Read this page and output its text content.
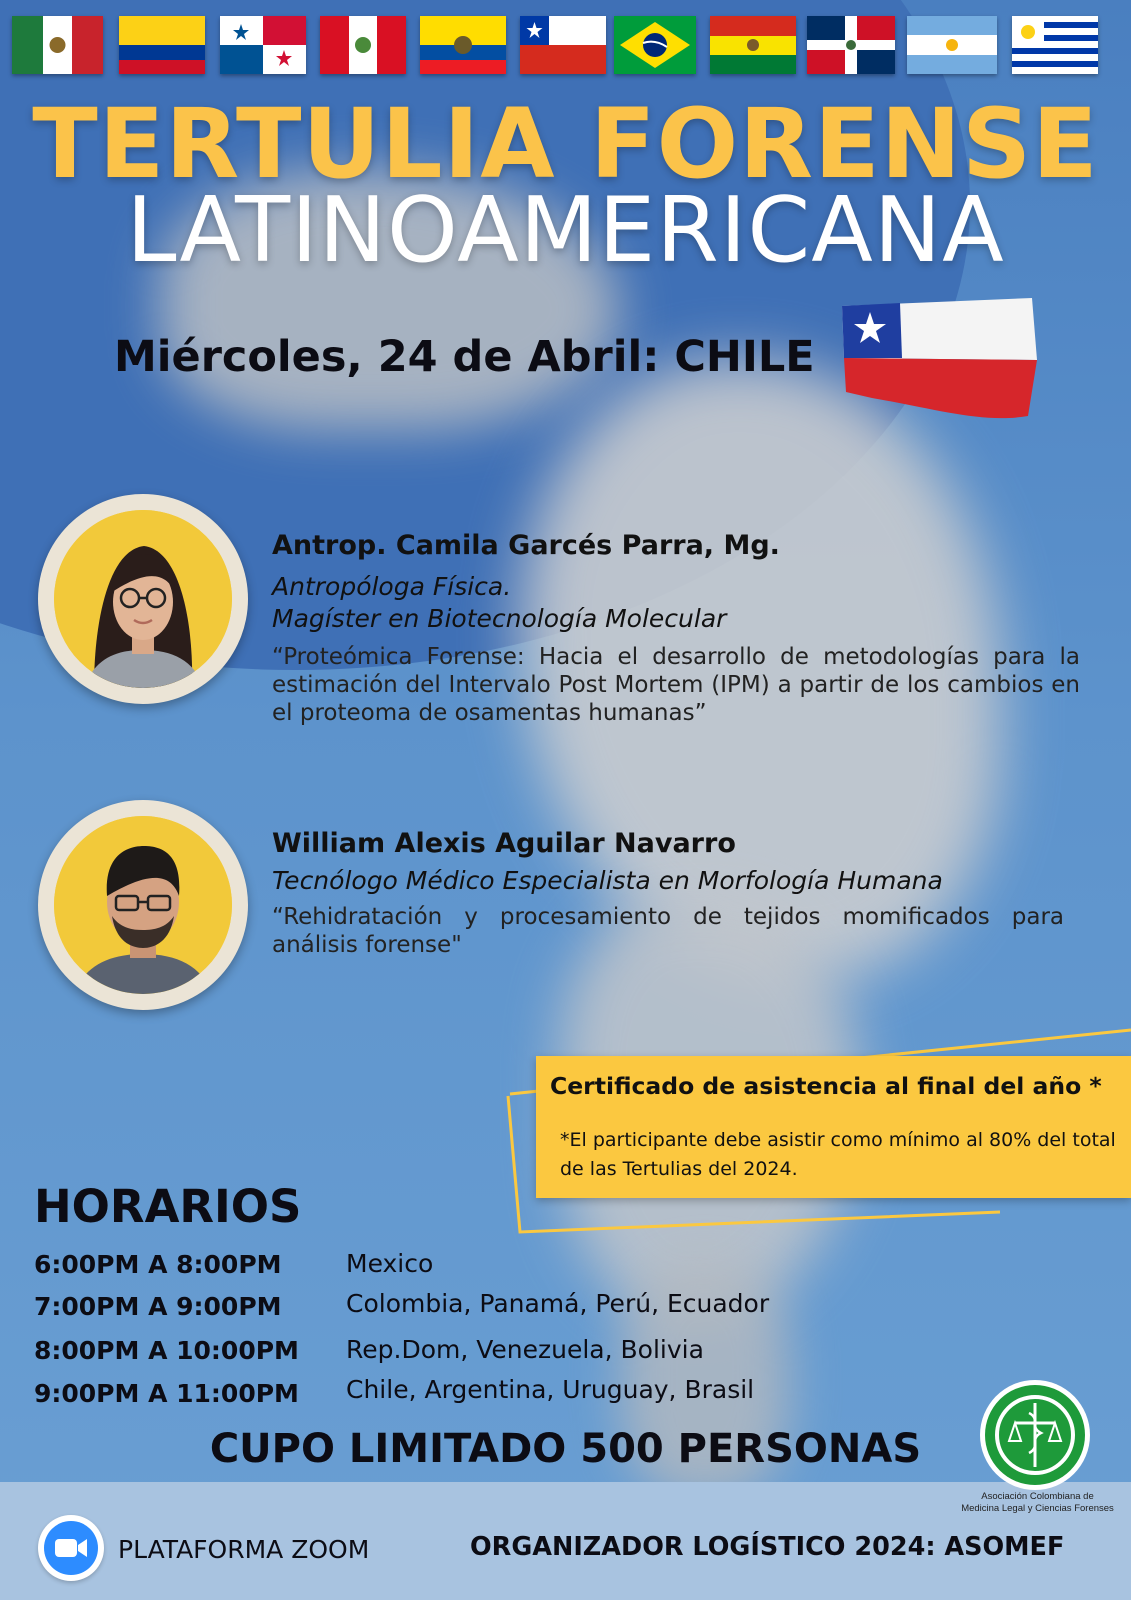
TERTULIA FORENSE
LATINOAMERICANA
Miércoles, 24 de Abril: CHILE
Antrop. Camila Garcés Parra, Mg.
Antropóloga Física.
Magíster en Biotecnología Molecular
“Proteómica Forense: Hacia el desarrollo de metodologías para la estimación del Intervalo Post Mortem (IPM) a partir de los cambios en el proteoma de osamentas humanas”
William Alexis Aguilar Navarro
Tecnólogo Médico Especialista en Morfología Humana
“Rehidratación y procesamiento de tejidos momificados para análisis forense"
Certificado de asistencia al final del año *
*El participante debe asistir como mínimo al 80% del total de las Tertulias del 2024.
HORARIOS
6:00PM A 8:00PM	Mexico
7:00PM A 9:00PM	Colombia, Panamá, Perú, Ecuador
8:00PM A 10:00PM Rep.Dom, Venezuela, Bolivia
9:00PM A 11:00PM Chile, Argentina, Uruguay, Brasil
CUPO LIMITADO 500 PERSONAS
Asociación Colombiana de
Medicina Legal y Ciencias Forenses
PLATAFORMA ZOOM	ORGANIZADOR LOGÍSTICO 2024: ASOMEF
